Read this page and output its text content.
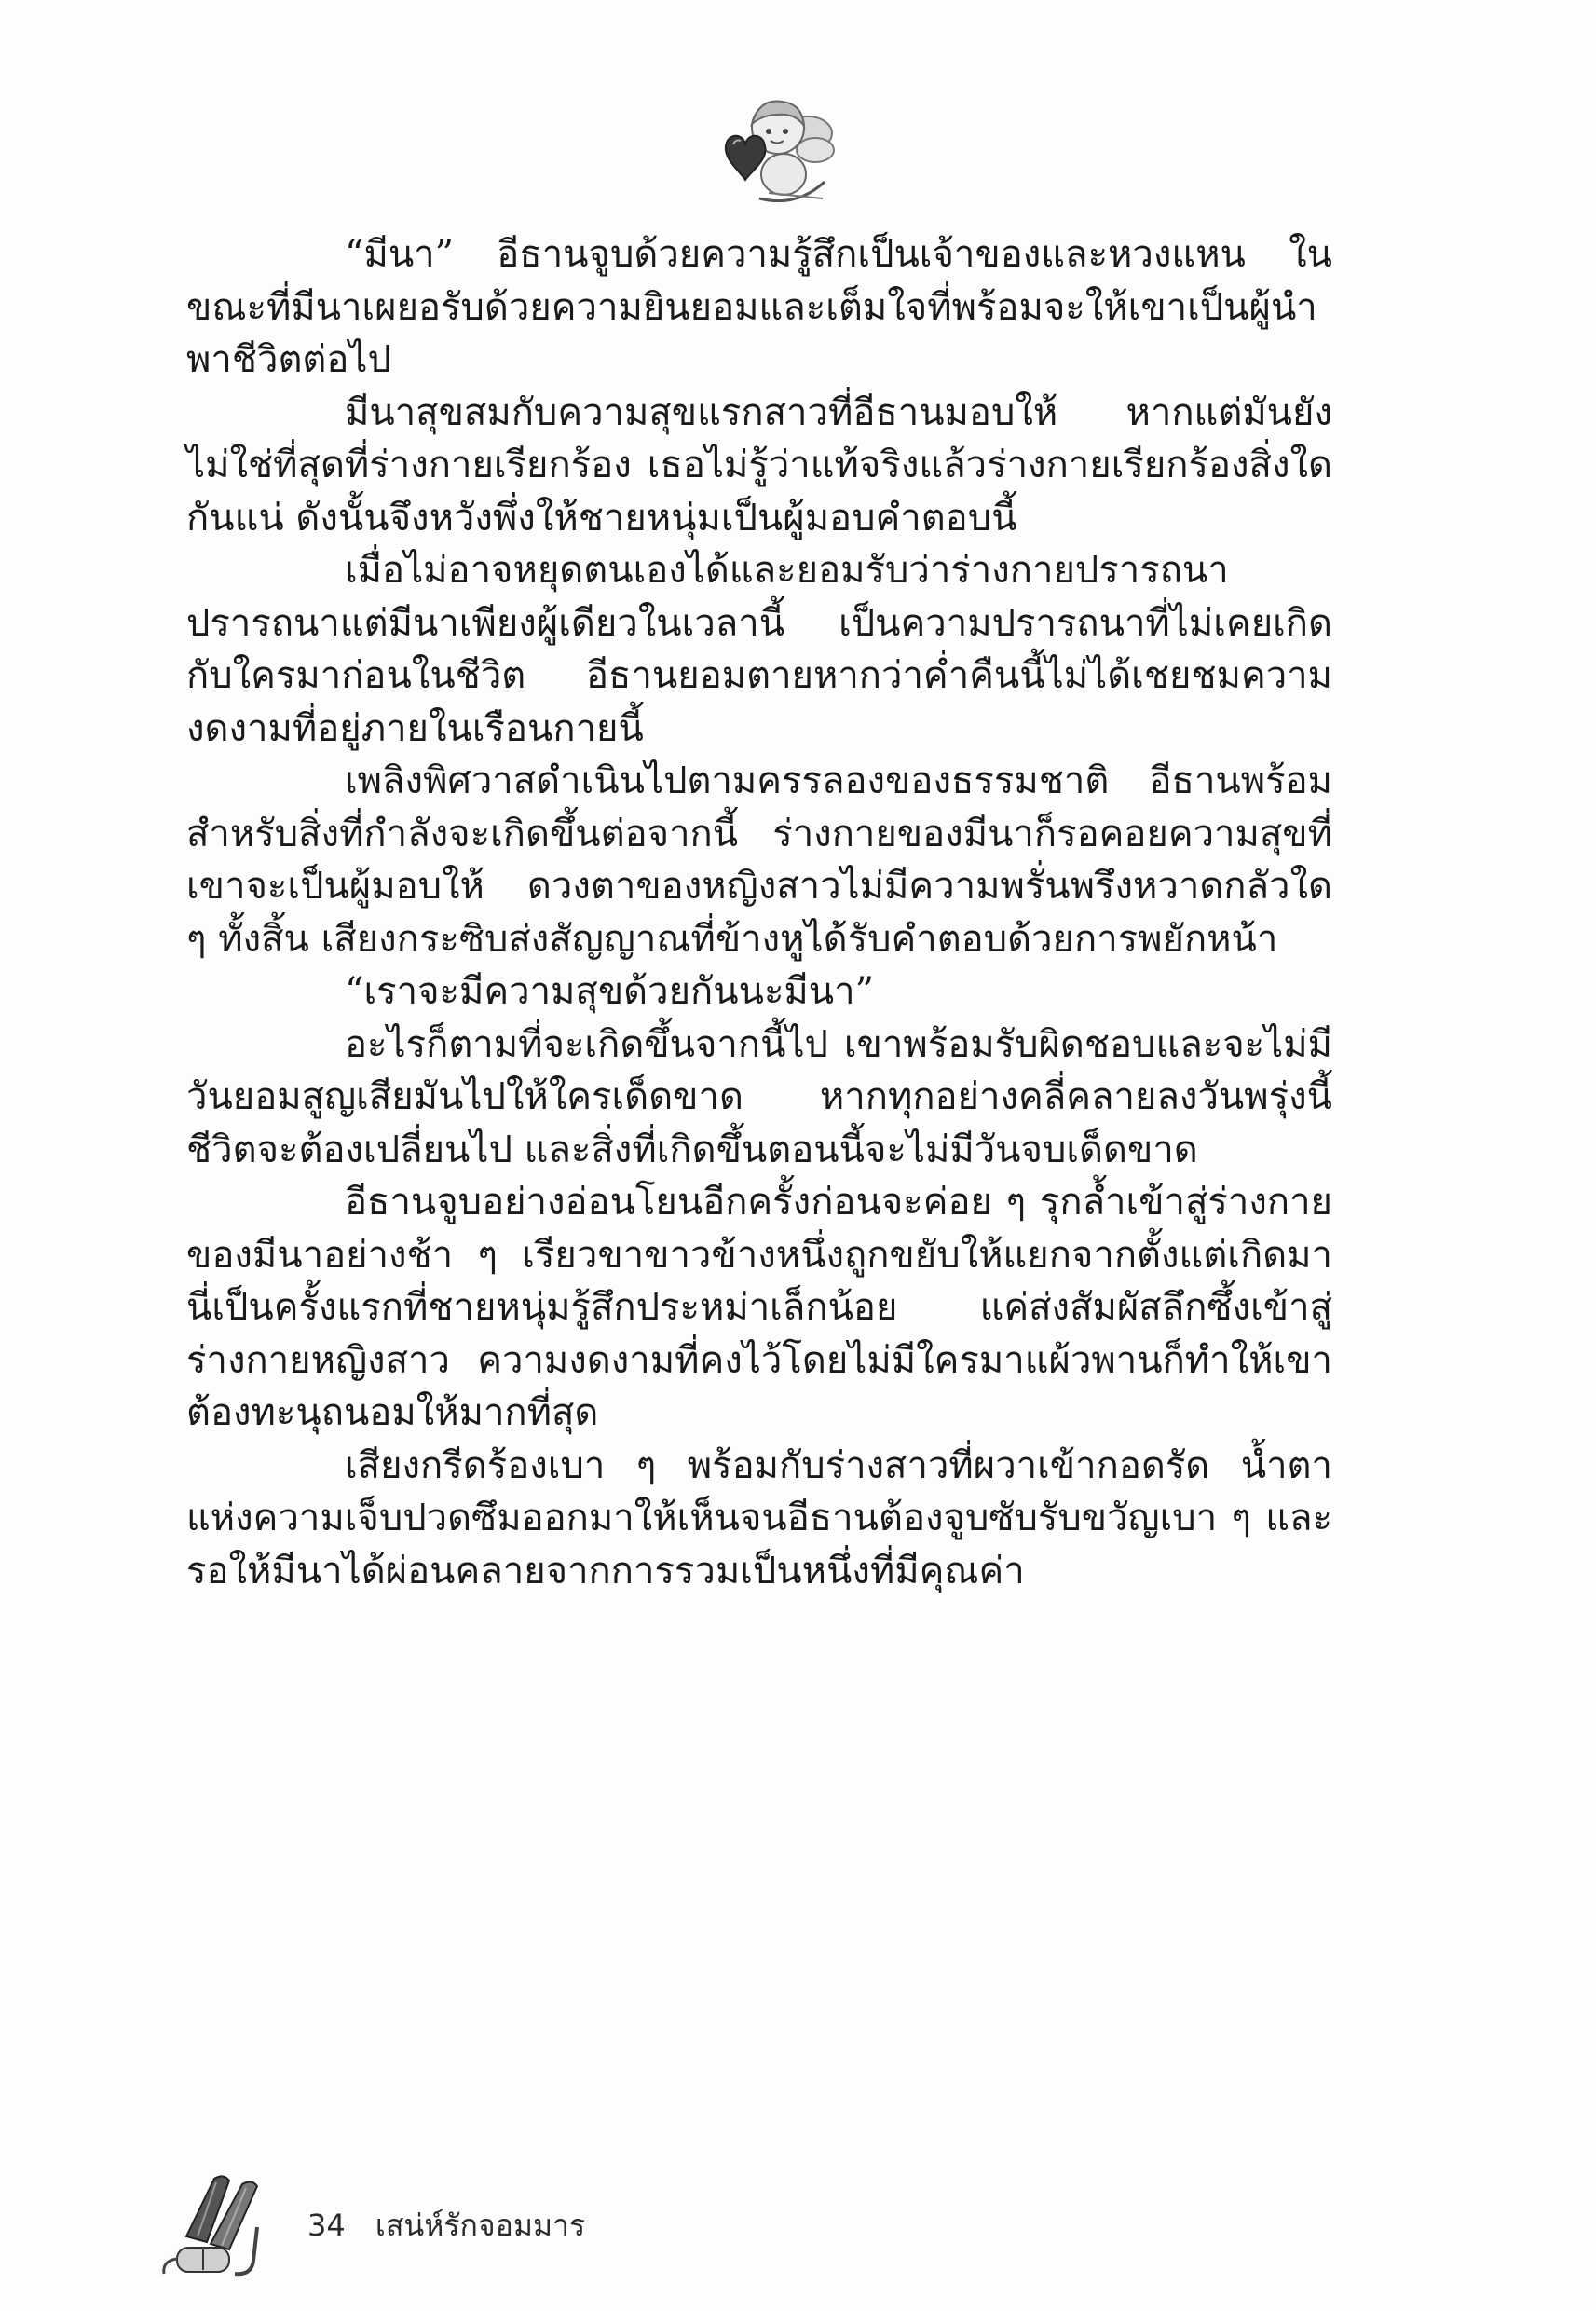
“มีนา” อีธานจูบด้วยความรู้สึกเป็นเจ้าของและหวงแหน ในขณะที่มีนาเผยอรับด้วยความยินยอมและเต็มใจที่พร้อมจะให้เขาเป็นผู้นำพาชีวิตต่อไป

มีนาสุขสมกับความสุขแรกสาวที่อีธานมอบให้ หากแต่มันยังไม่ใช่ที่สุดที่ร่างกายเรียกร้อง เธอไม่รู้ว่าแท้จริงแล้วร่างกายเรียกร้องสิ่งใดกันแน่ ดังนั้นจึงหวังพึ่งให้ชายหนุ่มเป็นผู้มอบคำตอบนี้

เมื่อไม่อาจหยุดตนเองได้และยอมรับว่าร่างกายปรารถนาปรารถนาแต่มีนาเพียงผู้เดียวในเวลานี้ เป็นความปรารถนาที่ไม่เคยเกิดกับใครมาก่อนในชีวิต อีธานยอมตายหากว่าค่ำคืนนี้ไม่ได้เชยชมความงดงามที่อยู่ภายในเรือนกายนี้

เพลิงพิศวาสดำเนินไปตามครรลองของธรรมชาติ อีธานพร้อมสำหรับสิ่งที่กำลังจะเกิดขึ้นต่อจากนี้ ร่างกายของมีนาก็รอคอยความสุขที่เขาจะเป็นผู้มอบให้ ดวงตาของหญิงสาวไม่มีความพรั่นพรึงหวาดกลัวใด ๆ ทั้งสิ้น เสียงกระซิบส่งสัญญาณที่ข้างหูได้รับคำตอบด้วยการพยักหน้า

“เราจะมีความสุขด้วยกันนะมีนา”

อะไรก็ตามที่จะเกิดขึ้นจากนี้ไป เขาพร้อมรับผิดชอบและจะไม่มีวันยอมสูญเสียมันไปให้ใครเด็ดขาด หากทุกอย่างคลี่คลายลงวันพรุ่งนี้ชีวิตจะต้องเปลี่ยนไป และสิ่งที่เกิดขึ้นตอนนี้จะไม่มีวันจบเด็ดขาด

อีธานจูบอย่างอ่อนโยนอีกครั้งก่อนจะค่อย ๆ รุกล้ำเข้าสู่ร่างกายของมีนาอย่างช้า ๆ เรียวขาขาวข้างหนึ่งถูกขยับให้แยกจากตั้งแต่เกิดมานี่เป็นครั้งแรกที่ชายหนุ่มรู้สึกประหม่าเล็กน้อย แค่ส่งสัมผัสลึกซึ้งเข้าสู่ร่างกายหญิงสาว ความงดงามที่คงไว้โดยไม่มีใครมาแผ้วพานก็ทำให้เขาต้องทะนุถนอมให้มากที่สุด

เสียงกรีดร้องเบา ๆ พร้อมกับร่างสาวที่ผวาเข้ากอดรัด น้ำตาแห่งความเจ็บปวดซึมออกมาให้เห็นจนอีธานต้องจูบซับรับขวัญเบา ๆ และรอให้มีนาได้ผ่อนคลายจากการรวมเป็นหนึ่งที่มีคุณค่า

34 เสน่ห์รักจอมมาร
